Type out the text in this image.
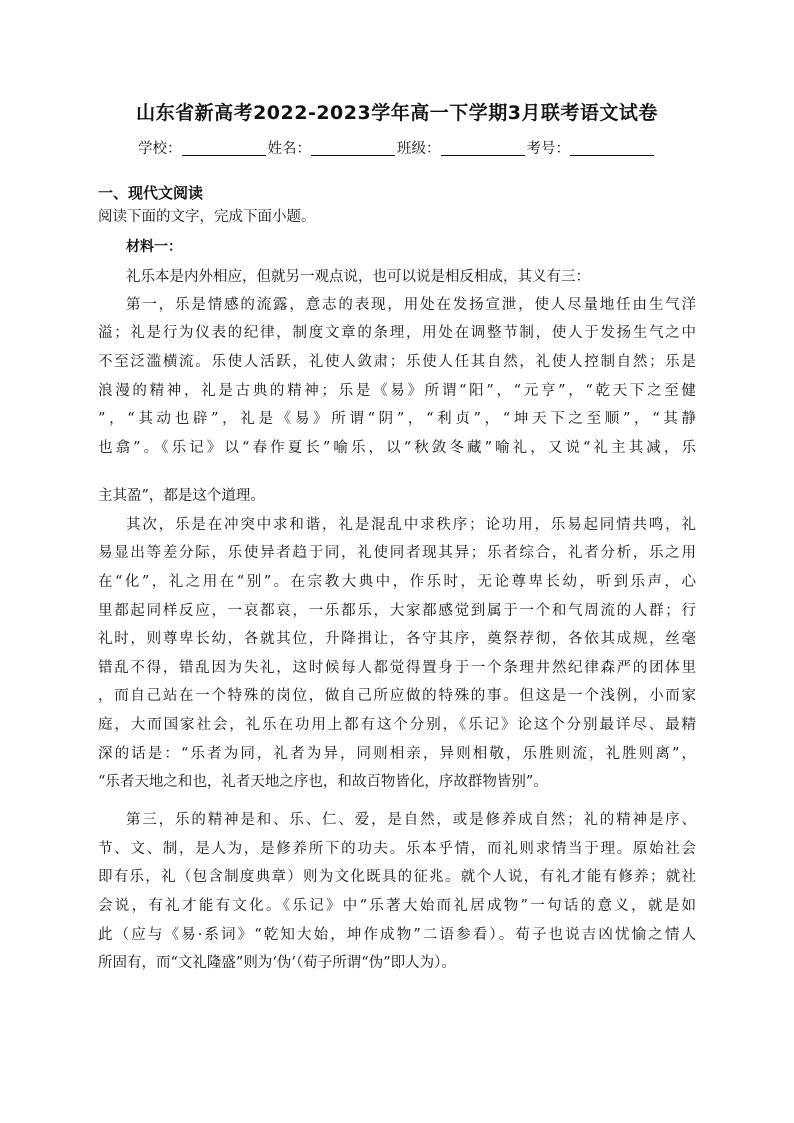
山东省新高考2022-2023学年高一下学期3月联考语文试卷
学校：	姓名：	班级：	考号：
一、现代文阅读
阅读下面的文字，完成下面小题。
材料一：
礼乐本是内外相应，但就另一观点说，也可以说是相反相成，其义有三：
第一，乐是情感的流露，意志的表现，用处在发扬宣泄，使人尽量地任由生气洋
溢；礼是行为仪表的纪律，制度文章的条理，用处在调整节制，使人于发扬生气之中
不至泛滥横流。乐使人活跃，礼使人敛肃；乐使人任其自然，礼使人控制自然；乐是
浪漫的精神，礼是古典的精神；乐是《易》所谓“阳”，“元亨”，“乾天下之至健
”，“其动也辟”，礼是《易》所谓“阴”，“利贞”，“坤天下之至顺”，“其静
也翕”。《乐记》以“春作夏长”喻乐，以“秋敛冬藏”喻礼，又说“礼主其减，乐
主其盈”，都是这个道理。
其次，乐是在冲突中求和谐，礼是混乱中求秩序；论功用，乐易起同情共鸣，礼
易显出等差分际，乐使异者趋于同，礼使同者现其异；乐者综合，礼者分析，乐之用
在“化”，礼之用在“别”。在宗教大典中，作乐时，无论尊卑长幼，听到乐声，心
里都起同样反应，一哀都哀，一乐都乐，大家都感觉到属于一个和气周流的人群；行
礼时，则尊卑长幼，各就其位，升降揖让，各守其序，奠祭荐彻，各依其成规，丝毫
错乱不得，错乱因为失礼，这时候每人都觉得置身于一个条理井然纪律森严的团体里
，而自己站在一个特殊的岗位，做自己所应做的特殊的事。但这是一个浅例，小而家
庭，大而国家社会，礼乐在功用上都有这个分别，《乐记》论这个分别最详尽、最精
深的话是：“乐者为同，礼者为异，同则相亲，异则相敬，乐胜则流，礼胜则离”，
“乐者天地之和也，礼者天地之序也，和故百物皆化，序故群物皆别”。
第三，乐的精神是和、乐、仁、爱，是自然，或是修养成自然；礼的精神是序、
节、文、制，是人为，是修养所下的功夫。乐本乎情，而礼则求情当于理。原始社会
即有乐，礼（包含制度典章）则为文化既具的征兆。就个人说，有礼才能有修养；就社
会说，有礼才能有文化。《乐记》中“乐著大始而礼居成物”一句话的意义，就是如
此（应与《易·系词》“乾知大始，坤作成物”二语参看）。荀子也说吉凶忧愉之情人
所固有，而“文礼隆盛”则为‘伪’（荀子所谓“伪”即人为）。
